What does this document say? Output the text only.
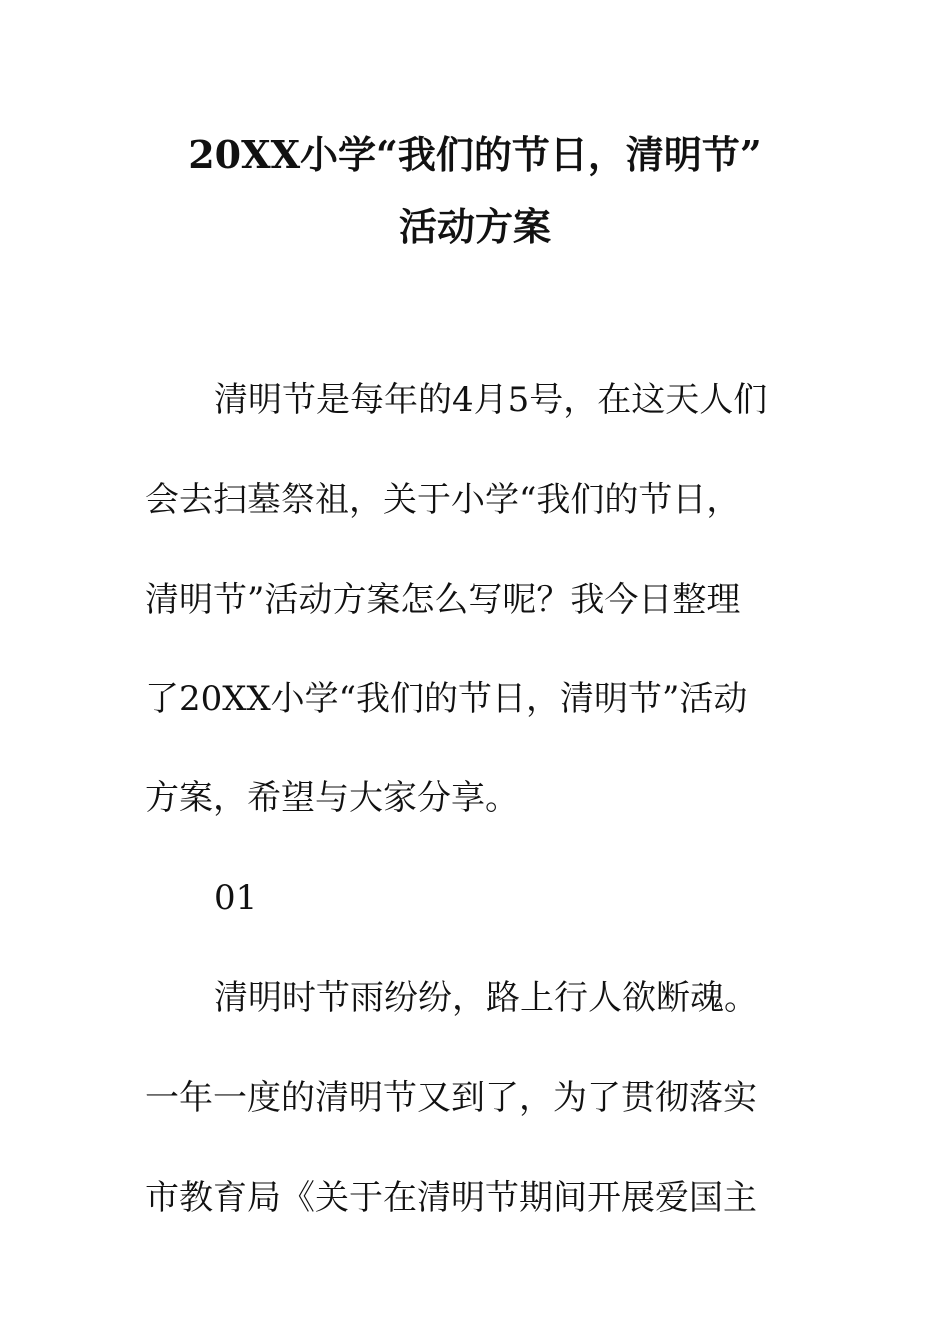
20XX小学“我们的节日，清明节”
活动方案

清明节是每年的4月5号，在这天人们

会去扫墓祭祖，关于小学“我们的节日，

清明节”活动方案怎么写呢？我今日整理

了20XX小学“我们的节日，清明节”活动

方案，希望与大家分享。

01

清明时节雨纷纷，路上行人欲断魂。

一年一度的清明节又到了，为了贯彻落实

市教育局《关于在清明节期间开展爱国主
